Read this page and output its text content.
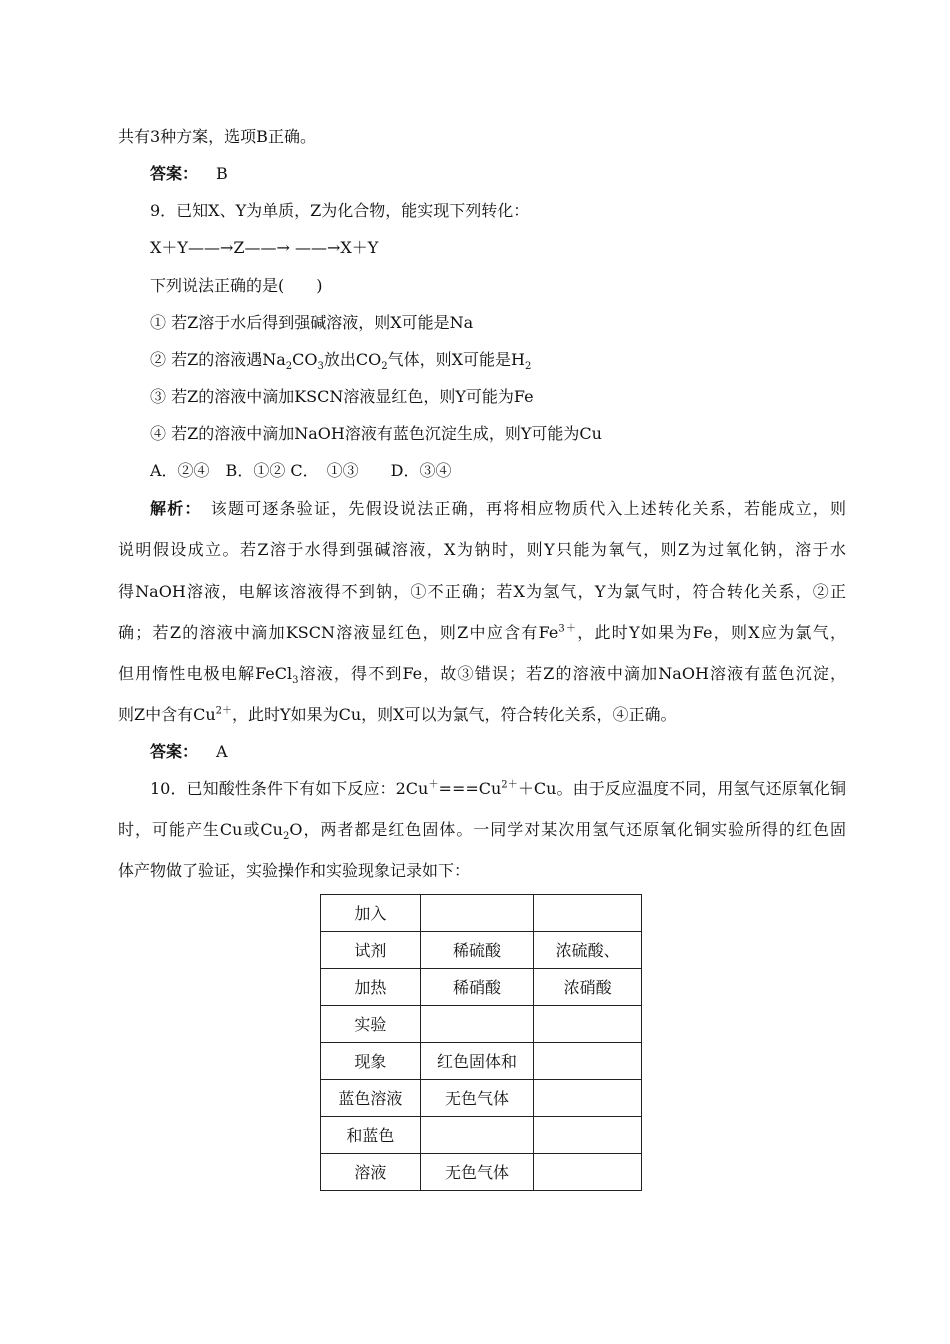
共有3种方案，选项B正确。
答案： B
9．已知X、Y为单质，Z为化合物，能实现下列转化：
X＋Y——→Z——→ ——→X＋Y
下列说法正确的是(　　)
① 若Z溶于水后得到强碱溶液，则X可能是Na
② 若Z的溶液遇$Na_2CO_3$放出$CO_2$气体，则X可能是$H_2$
③ 若Z的溶液中滴加KSCN溶液显红色，则Y可能为Fe
④ 若Z的溶液中滴加NaOH溶液有蓝色沉淀生成，则Y可能为Cu
A．②④　B．①② C．　①③　　D．③④
解析：　该题可逐条验证，先假设说法正确，再将相应物质代入上述转化关系，若能成立，则
说明假设成立。若Z溶于水得到强碱溶液，X为钠时，则Y只能为氧气，则Z为过氧化钠，溶于水
得NaOH溶液，电解该溶液得不到钠，①不正确；若X为氢气，Y为氯气时，符合转化关系，②正
确；若Z的溶液中滴加KSCN溶液显红色，则Z中应含有$Fe^{3+}$，此时Y如果为Fe，则X应为氯气，
但用惰性电极电解FeCl$_3$溶液，得不到Fe，故③错误；若Z的溶液中滴加NaOH溶液有蓝色沉淀，
则Z中含有$Cu^{2+}$，此时Y如果为Cu，则X可以为氯气，符合转化关系，④正确。
答案： A
10．已知酸性条件下有如下反应：$2Cu^+===Cu^{2+}+Cu$。由于反应温度不同，用氢气还原氧化铜
时，可能产生Cu或$Cu_2O$，两者都是红色固体。一同学对某次用氢气还原氧化铜实验所得的红色固
体产物做了验证，实验操作和实验现象记录如下：
加入		
试剂	稀硫酸	浓硫酸、
加热	稀硝酸	浓硝酸
实验		
现象	红色固体和	
蓝色溶液	无色气体	
和蓝色		
溶液	无色气体	
